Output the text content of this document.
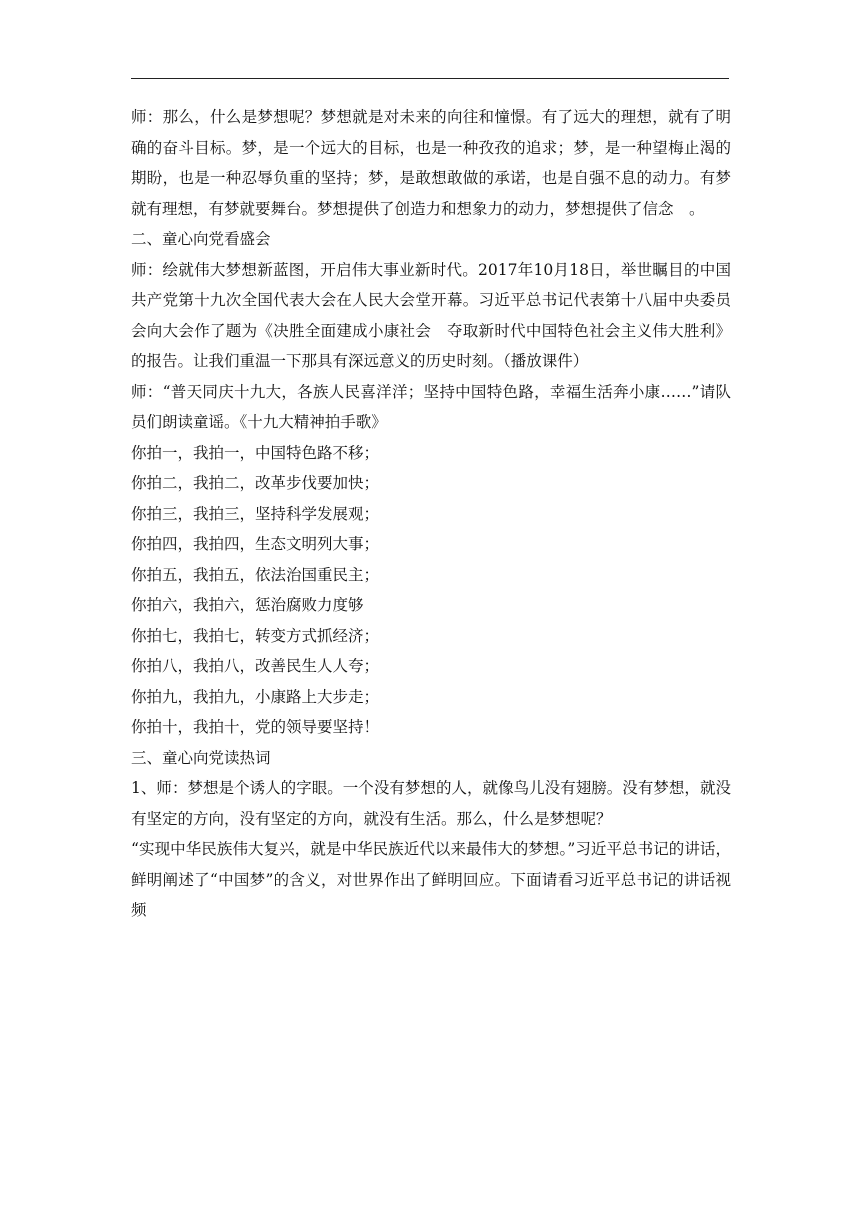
师：那么，什么是梦想呢？梦想就是对未来的向往和憧憬。有了远大的理想，就有了明确的奋斗目标。梦，是一个远大的目标，也是一种孜孜的追求；梦，是一种望梅止渴的期盼，也是一种忍辱负重的坚持；梦，是敢想敢做的承诺，也是自强不息的动力。有梦就有理想，有梦就要舞台。梦想提供了创造力和想象力的动力，梦想提供了信念　。

二、童心向党看盛会

师：绘就伟大梦想新蓝图，开启伟大事业新时代。2017年10月18日，举世瞩目的中国共产党第十九次全国代表大会在人民大会堂开幕。习近平总书记代表第十八届中央委员会向大会作了题为《决胜全面建成小康社会　夺取新时代中国特色社会主义伟大胜利》的报告。让我们重温一下那具有深远意义的历史时刻。（播放课件）

师：“普天同庆十九大，各族人民喜洋洋；坚持中国特色路，幸福生活奔小康……”请队员们朗读童谣。《十九大精神拍手歌》

你拍一，我拍一，中国特色路不移；

你拍二，我拍二，改革步伐要加快；

你拍三，我拍三，坚持科学发展观；

你拍四，我拍四，生态文明列大事；

你拍五，我拍五，依法治国重民主；

你拍六，我拍六，惩治腐败力度够

你拍七，我拍七，转变方式抓经济；

你拍八，我拍八，改善民生人人夸；

你拍九，我拍九，小康路上大步走；

你拍十，我拍十，党的领导要坚持！

三、童心向党读热词

1、师：梦想是个诱人的字眼。一个没有梦想的人，就像鸟儿没有翅膀。没有梦想，就没有坚定的方向，没有坚定的方向，就没有生活。那么，什么是梦想呢？

“实现中华民族伟大复兴，就是中华民族近代以来最伟大的梦想。”习近平总书记的讲话，鲜明阐述了“中国梦”的含义，对世界作出了鲜明回应。下面请看习近平总书记的讲话视频
